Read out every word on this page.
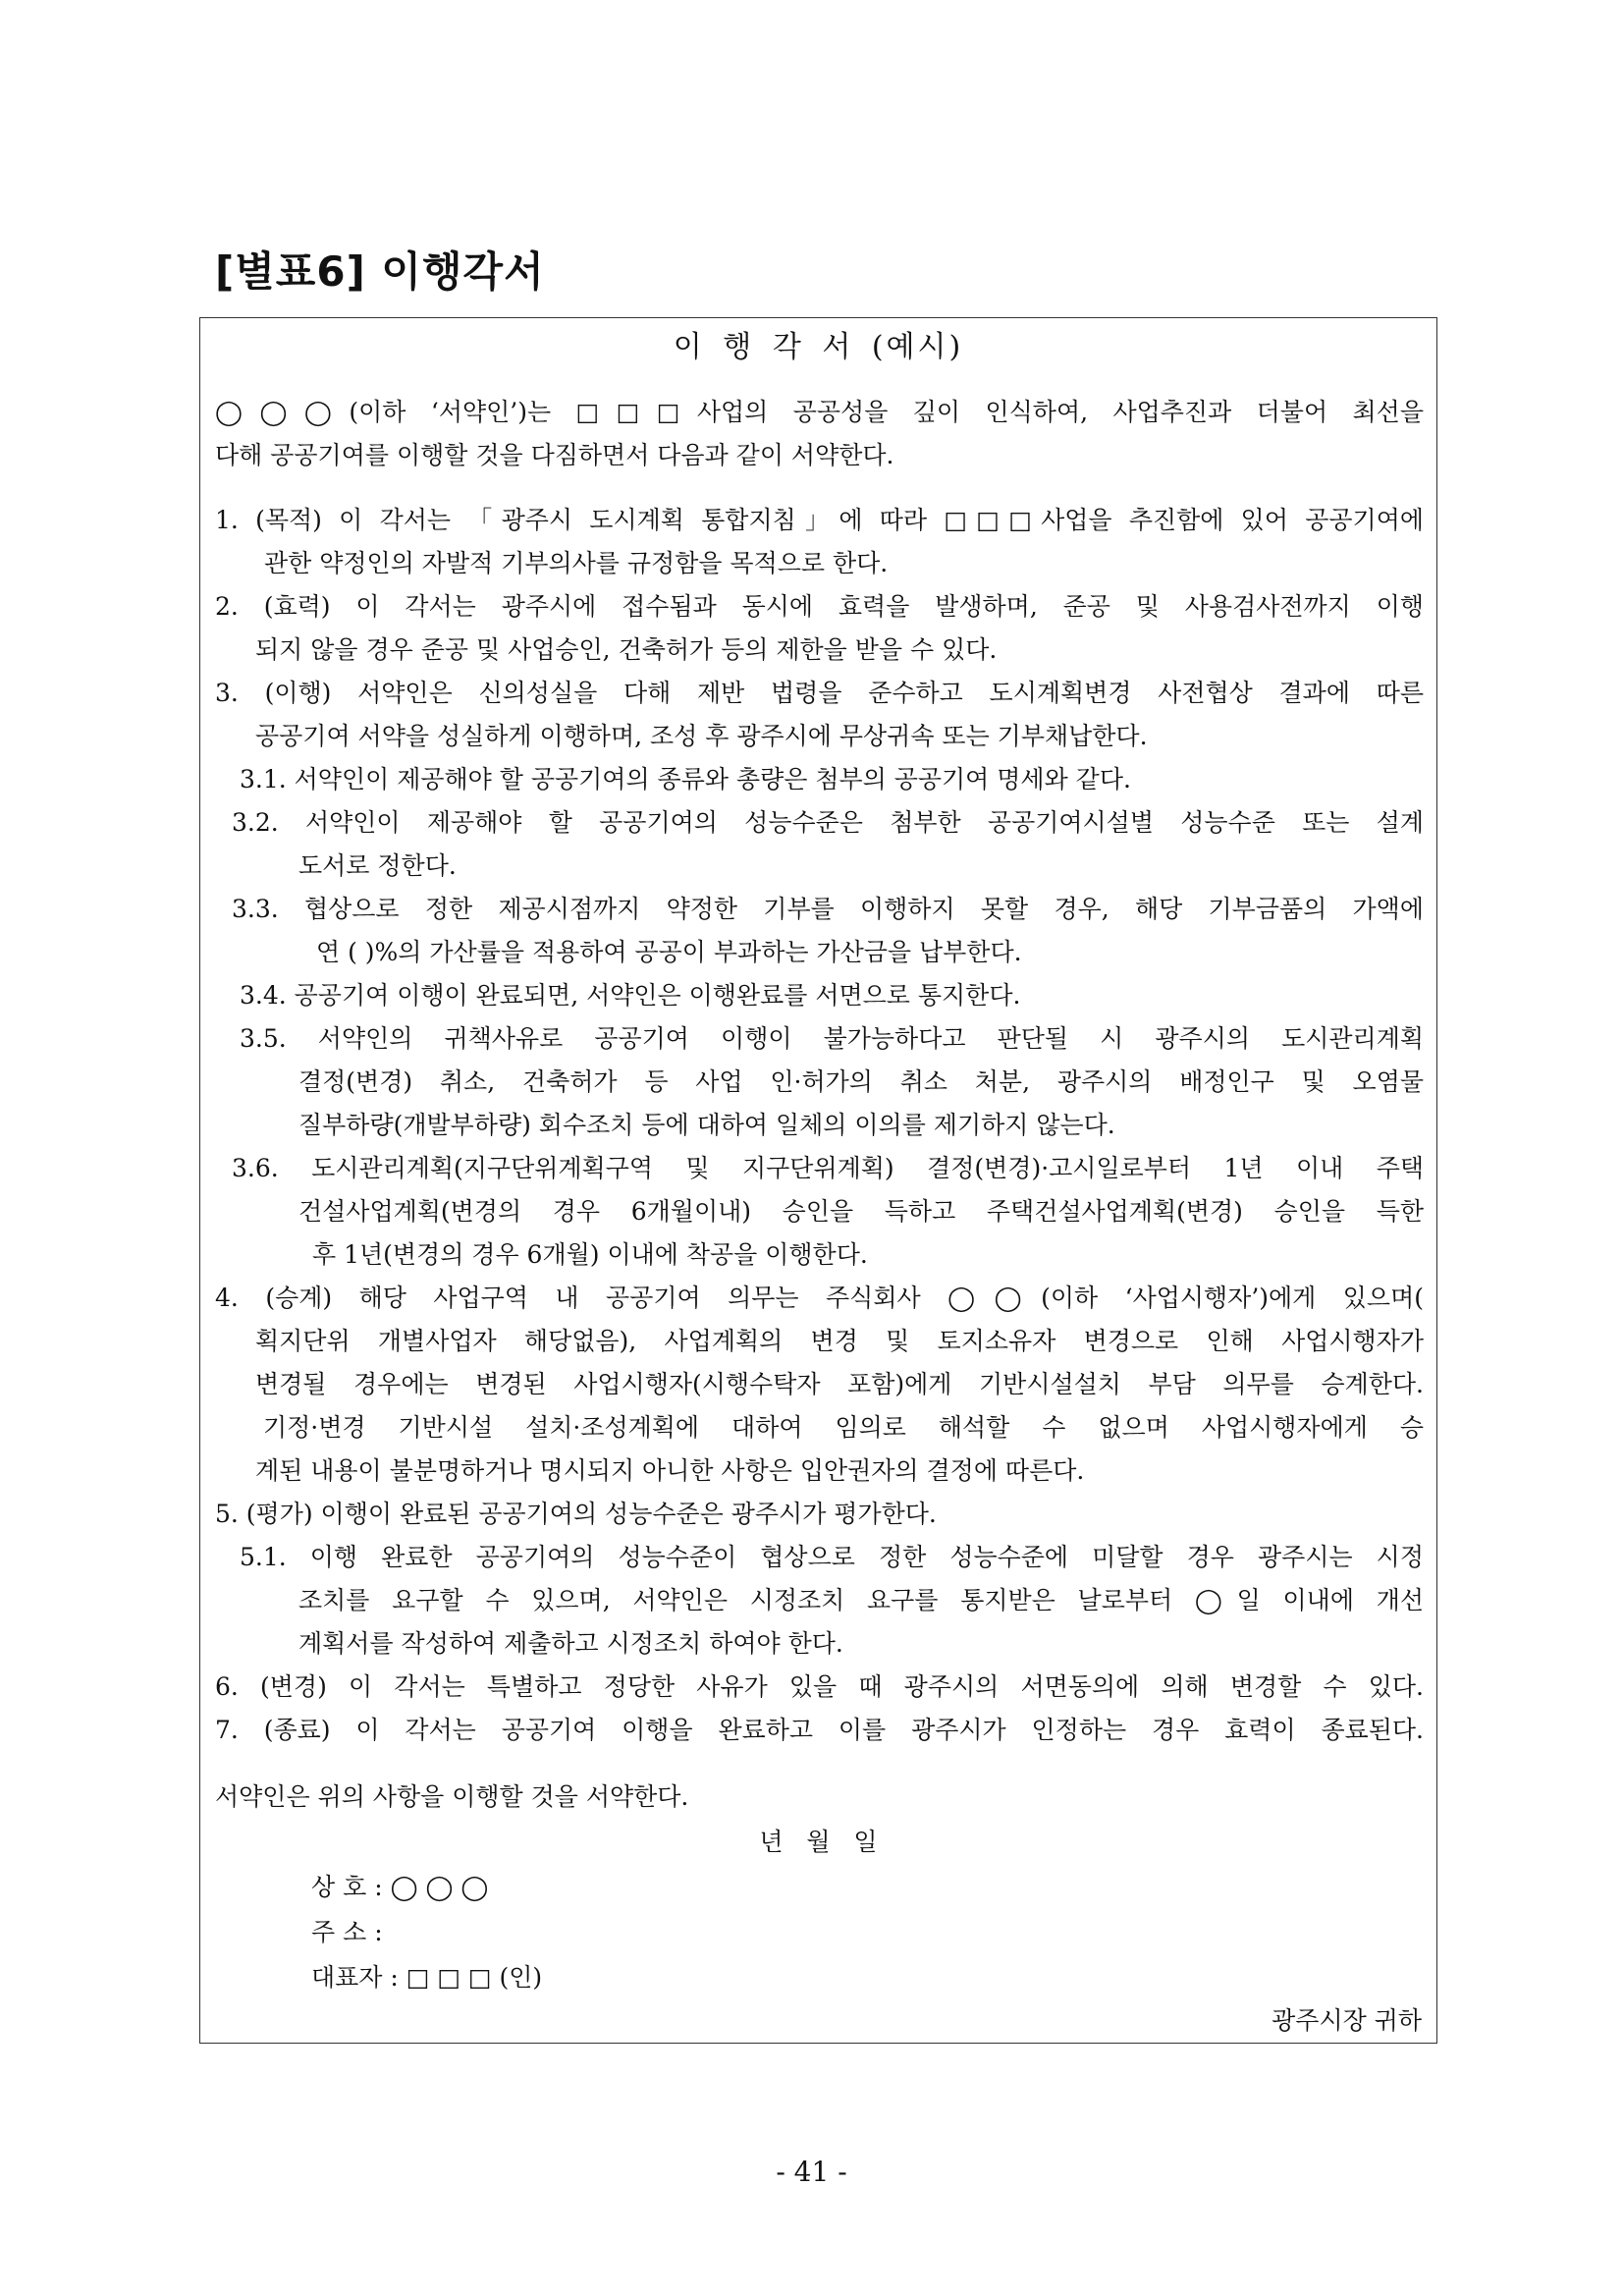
[별표6] 이행각서
이 행 각 서 (예시)
◯◯◯(이하 ‘서약인’)는 □□□사업의 공공성을 깊이 인식하여, 사업추진과 더불어 최선을
다해 공공기여를 이행할 것을 다짐하면서 다음과 같이 서약한다.
1. (목적) 이 각서는 「광주시 도시계획 통합지침」에 따라 □□□사업을 추진함에 있어 공공기여에
관한 약정인의 자발적 기부의사를 규정함을 목적으로 한다.
2. (효력) 이 각서는 광주시에 접수됨과 동시에 효력을 발생하며, 준공 및 사용검사전까지 이행
되지 않을 경우 준공 및 사업승인, 건축허가 등의 제한을 받을 수 있다.
3. (이행) 서약인은 신의성실을 다해 제반 법령을 준수하고 도시계획변경 사전협상 결과에 따른
공공기여 서약을 성실하게 이행하며, 조성 후 광주시에 무상귀속 또는 기부채납한다.
3.1. 서약인이 제공해야 할 공공기여의 종류와 총량은 첨부의 공공기여 명세와 같다.
3.2. 서약인이 제공해야 할 공공기여의 성능수준은 첨부한 공공기여시설별 성능수준 또는 설계
도서로 정한다.
3.3. 협상으로 정한 제공시점까지 약정한 기부를 이행하지 못할 경우, 해당 기부금품의 가액에
연 ( )%의 가산률을 적용하여 공공이 부과하는 가산금을 납부한다.
3.4. 공공기여 이행이 완료되면, 서약인은 이행완료를 서면으로 통지한다.
3.5. 서약인의 귀책사유로 공공기여 이행이 불가능하다고 판단될 시 광주시의 도시관리계획
결정(변경) 취소, 건축허가 등 사업 인·허가의 취소 처분, 광주시의 배정인구 및 오염물
질부하량(개발부하량) 회수조치 등에 대하여 일체의 이의를 제기하지 않는다.
3.6. 도시관리계획(지구단위계획구역 및 지구단위계획) 결정(변경)·고시일로부터 1년 이내 주택
건설사업계획(변경의 경우 6개월이내) 승인을 득하고 주택건설사업계획(변경) 승인을 득한
후 1년(변경의 경우 6개월) 이내에 착공을 이행한다.
4. (승계) 해당 사업구역 내 공공기여 의무는 주식회사 ◯◯(이하 ‘사업시행자’)에게 있으며(
획지단위 개별사업자 해당없음), 사업계획의 변경 및 토지소유자 변경으로 인해 사업시행자가
변경될 경우에는 변경된 사업시행자(시행수탁자 포함)에게 기반시설설치 부담 의무를 승계한다.
기정·변경 기반시설 설치·조성계획에 대하여 임의로 해석할 수 없으며 사업시행자에게 승
계된 내용이 불분명하거나 명시되지 아니한 사항은 입안권자의 결정에 따른다.
5. (평가) 이행이 완료된 공공기여의 성능수준은 광주시가 평가한다.
5.1. 이행 완료한 공공기여의 성능수준이 협상으로 정한 성능수준에 미달할 경우 광주시는 시정
조치를 요구할 수 있으며, 서약인은 시정조치 요구를 통지받은 날로부터 ◯일 이내에 개선
계획서를 작성하여 제출하고 시정조치 하여야 한다.
6. (변경) 이 각서는 특별하고 정당한 사유가 있을 때 광주시의 서면동의에 의해 변경할 수 있다.
7. (종료) 이 각서는 공공기여 이행을 완료하고 이를 광주시가 인정하는 경우 효력이 종료된다.
서약인은 위의 사항을 이행할 것을 서약한다.
년   월   일
상 호 : ◯ ◯ ◯
주 소 :
대표자 : □ □ □ (인)
광주시장 귀하
- 41 -
